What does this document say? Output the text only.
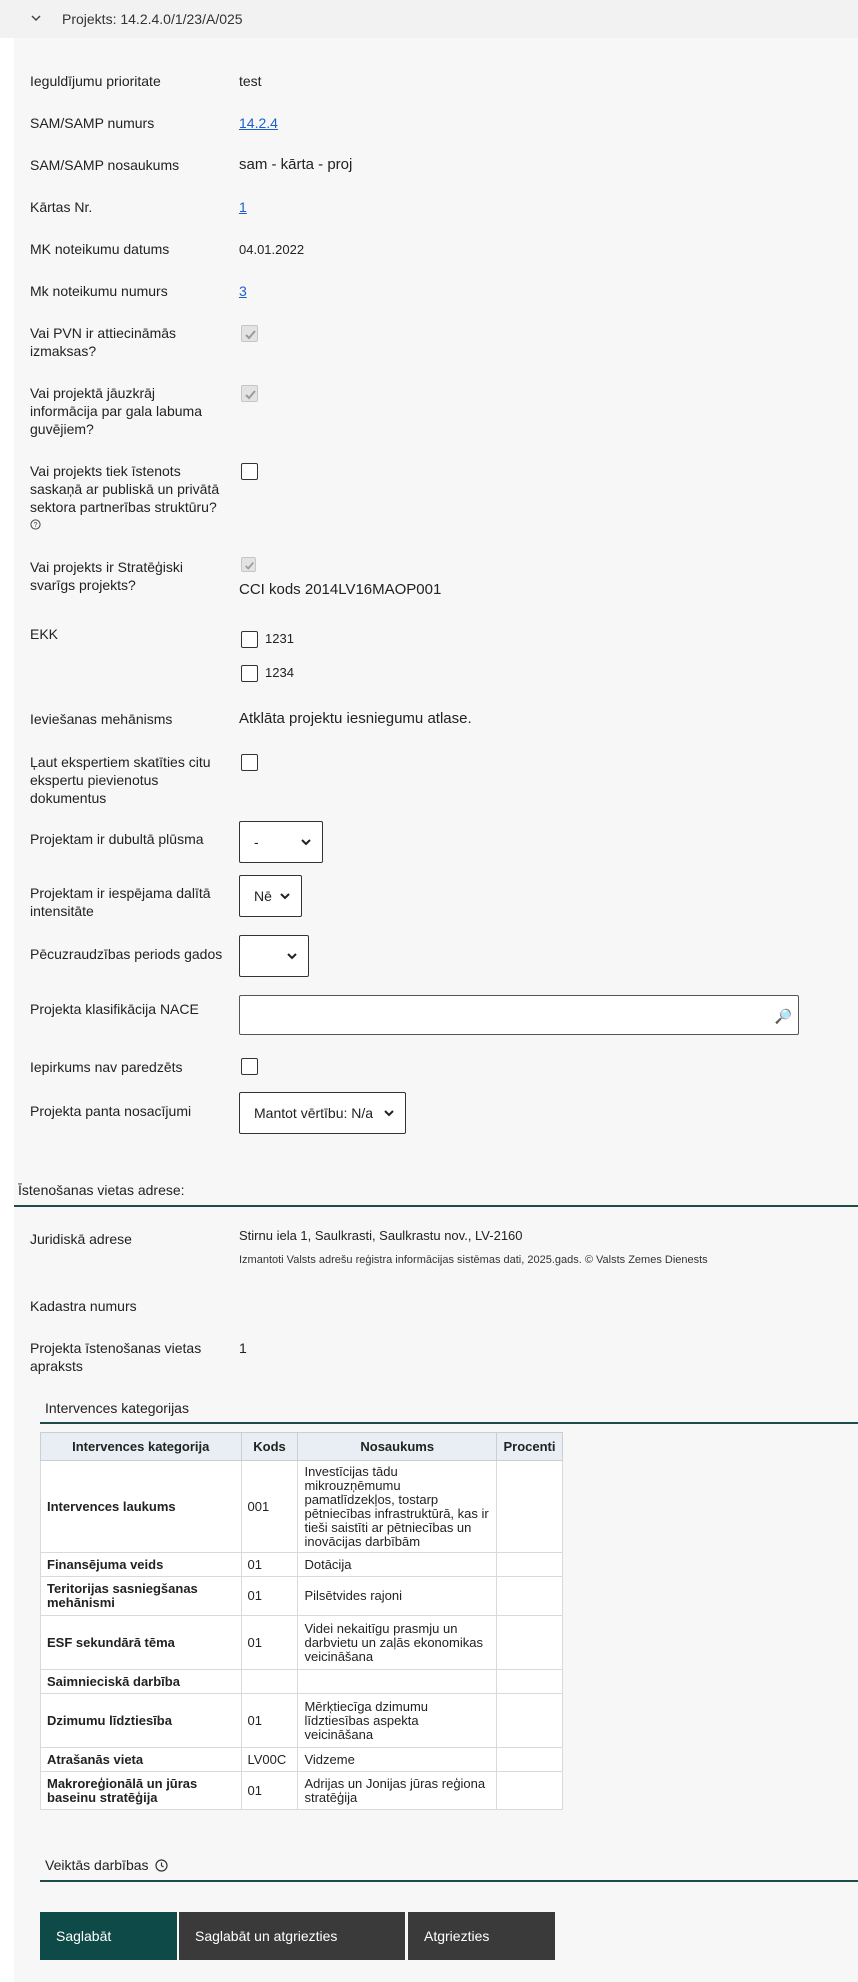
Projekts: 14.2.4.0/1/23/A/025
Ieguldījumu prioritate	test
SAM/SAMP numurs	14.2.4
SAM/SAMP nosaukums	sam - kārta - proj
Kārtas Nr.	1
MK noteikumu datums	04.01.2022
Mk noteikumu numurs	3
Vai PVN ir attiecināmās izmaksas?
Vai projektā jāuzkrāj informācija par gala labuma guvējiem?
Vai projekts tiek īstenots saskaņā ar publiskā un privātā sektora partnerības struktūru?
?
Vai projekts ir Stratēģiski svarīgs projekts?	CCI kods 2014LV16MAOP001
EKK	1231
1234
Ieviešanas mehānisms	Atklāta projektu iesniegumu atlase.
Ļaut ekspertiem skatīties citu ekspertu pievienotus dokumentus
Projektam ir dubultā plūsma	-
Projektam ir iespējama dalītā intensitāte
Nē
Pēcuzraudzības periods gados
Projekta klasifikācija NACE	🔎
Iepirkums nav paredzēts
Projekta panta nosacījumi	Mantot vērtību: N/a
Īstenošanas vietas adrese:
Juridiskā adrese	Stirnu iela 1, Saulkrasti, Saulkrastu nov., LV-2160
Izmantoti Valsts adrešu reģistra informācijas sistēmas dati, 2025.gads. © Valsts Zemes Dienests
Kadastra numurs
Projekta īstenošanas vietas apraksts
1
Intervences kategorijas
Intervences kategorija	Kods	Nosaukums	Procenti
Intervences laukums	001	Investīcijas tādu mikrouzņēmumu pamatlīdzekļos, tostarp pētniecības infrastruktūrā, kas ir tieši saistīti ar pētniecības un inovācijas darbībām	
Finansējuma veids	01	Dotācija	
Teritorijas sasniegšanas mehānismi	01	Pilsētvides rajoni	
ESF sekundārā tēma	01	Videi nekaitīgu prasmju un darbvietu un zaļās ekonomikas veicināšana	
Saimnieciskā darbība			
Dzimumu līdztiesība	01	Mērķtiecīga dzimumu līdztiesības aspekta veicināšana	
Atrašanās vieta	LV00C	Vidzeme	
Makroreģionālā un jūras baseinu stratēģija	01	Adrijas un Jonijas jūras reģiona stratēģija	
Veiktās darbības
Saglabāt	Saglabāt un atgriezties	Atgriezties
